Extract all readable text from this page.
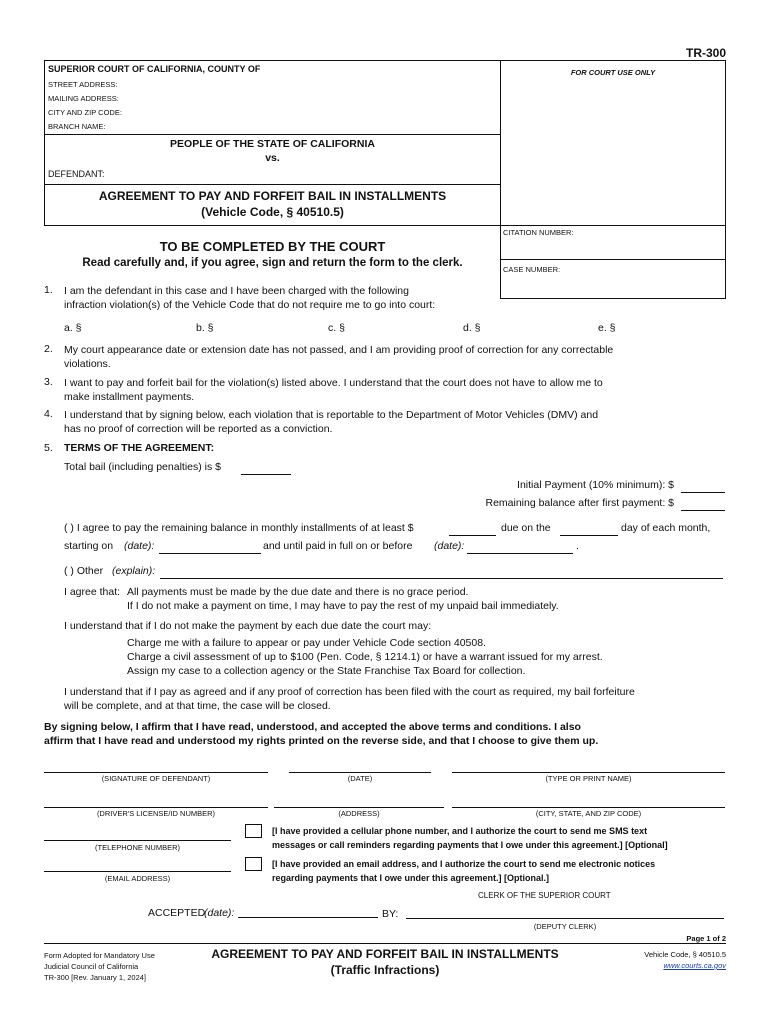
TR-300
SUPERIOR COURT OF CALIFORNIA, COUNTY OF
STREET ADDRESS:
MAILING ADDRESS:
CITY AND ZIP CODE:
BRANCH NAME:
FOR COURT USE ONLY
PEOPLE OF THE STATE OF CALIFORNIA
vs.
DEFENDANT:
AGREEMENT TO PAY AND FORFEIT BAIL IN INSTALLMENTS
(Vehicle Code, § 40510.5)
CITATION NUMBER:
CASE NUMBER:
TO BE COMPLETED BY THE COURT
Read carefully and, if you agree, sign and return the form to the clerk.
1. I am the defendant in this case and I have been charged with the following
infraction violation(s) of the Vehicle Code that do not require me to go into court:
a. §	b. §	c. §	d. §	e. §
2. My court appearance date or extension date has not passed, and I am providing proof of correction for any correctable
violations.
3. I want to pay and forfeit bail for the violation(s) listed above. I understand that the court does not have to allow me to
make installment payments.
4. I understand that by signing below, each violation that is reportable to the Department of Motor Vehicles (DMV) and
has no proof of correction will be reported as a conviction.
5. TERMS OF THE AGREEMENT:
Total bail (including penalties) is $
Initial Payment (10% minimum): $
Remaining balance after first payment: $
( ) I agree to pay the remaining balance in monthly installments of at least $	due on the	day of each month,
starting on (date):	and until paid in full on or before (date):	.
( ) Other (explain):
I agree that: All payments must be made by the due date and there is no grace period.
If I do not make a payment on time, I may have to pay the rest of my unpaid bail immediately.
I understand that if I do not make the payment by each due date the court may:
Charge me with a failure to appear or pay under Vehicle Code section 40508.
Charge a civil assessment of up to $100 (Pen. Code, § 1214.1) or have a warrant issued for my arrest.
Assign my case to a collection agency or the State Franchise Tax Board for collection.
I understand that if I pay as agreed and if any proof of correction has been filed with the court as required, my bail forfeiture
will be complete, and at that time, the case will be closed.
By signing below, I affirm that I have read, understood, and accepted the above terms and conditions. I also
affirm that I have read and understood my rights printed on the reverse side, and that I choose to give them up.
(SIGNATURE OF DEFENDANT)	(DATE)	(TYPE OR PRINT NAME)
(DRIVER'S LICENSE/ID NUMBER)	(ADDRESS)	(CITY, STATE, AND ZIP CODE)
(TELEPHONE NUMBER)
[I have provided a cellular phone number, and I authorize the court to send me SMS text
messages or call reminders regarding payments that I owe under this agreement.] [Optional]
(EMAIL ADDRESS)
[I have provided an email address, and I authorize the court to send me electronic notices
regarding payments that I owe under this agreement.] [Optional.]
CLERK OF THE SUPERIOR COURT
ACCEPTED
(date):	BY:
(DEPUTY CLERK)
Page 1 of 2
Form Adopted for Mandatory Use
Judicial Council of California
TR-300 [Rev. January 1, 2024]
AGREEMENT TO PAY AND FORFEIT BAIL IN INSTALLMENTS
(Traffic Infractions)
Vehicle Code, § 40510.5
www.courts.ca.gov
